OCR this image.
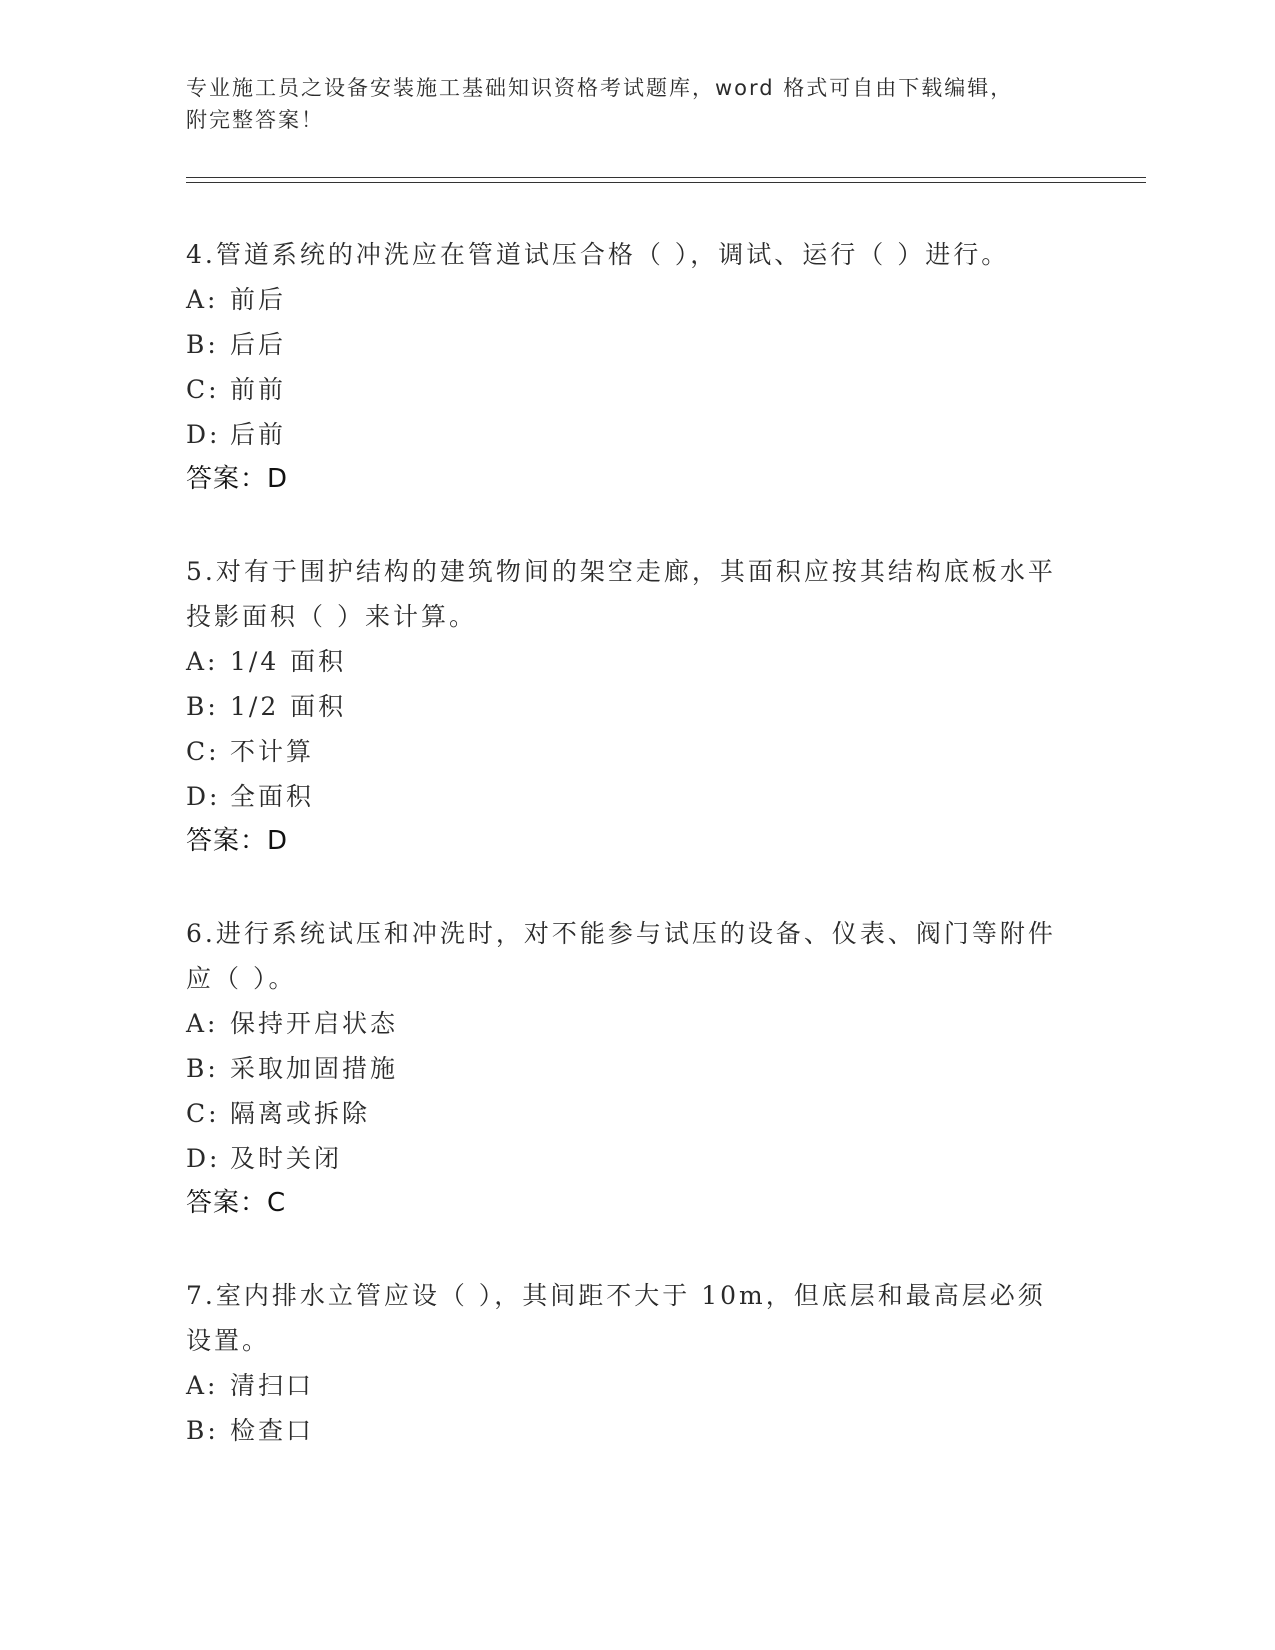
专业施工员之设备安装施工基础知识资格考试题库，word 格式可自由下载编辑，
附完整答案！

4.管道系统的冲洗应在管道试压合格（ ），调试、运行（ ）进行。

A: 前后
B: 后后
C: 前前
D: 后前
答案：D

5.对有于围护结构的建筑物间的架空走廊，其面积应按其结构底板水平投影面积（ ）来计算。

A: 1/4 面积
B: 1/2 面积
C: 不计算
D: 全面积
答案：D

6.进行系统试压和冲洗时，对不能参与试压的设备、仪表、阀门等附件应（ ）。

A: 保持开启状态
B: 采取加固措施
C: 隔离或拆除
D: 及时关闭
答案：C

7.室内排水立管应设（ ），其间距不大于 10m，但底层和最高层必须设置。

A: 清扫口
B: 检查口
